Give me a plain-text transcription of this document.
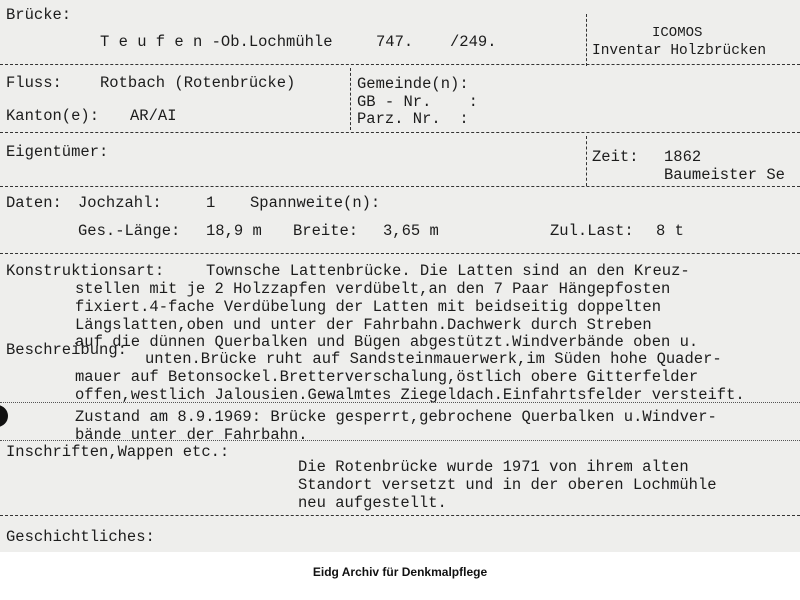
Brücke:
T e u f e n -Ob.Lochmühle	747. /249.	ICOMOS
Inventar Holzbrücken
Fluss: Rotbach (Rotenbrücke)
Kanton(e): AR/AI
Gemeinde(n):
GB - Nr.    :
Parz. Nr.  :
Eigentümer:	Zeit: 1862
Baumeister Se
Daten: Jochzahl:	1 Spannweite(n):
Ges.-Länge: 18,9 m Breite: 3,65 m	Zul.Last: 8 t
Konstruktionsart:	Townsche Lattenbrücke. Die Latten sind an den Kreuz-
stellen mit je 2 Holzzapfen verdübelt,an den 7 Paar Hängepfosten
fixiert.4-fache Verdübelung der Latten mit beidseitig doppelten
Längslatten,oben und unter der Fahrbahn.Dachwerk durch Streben
auf die dünnen Querbalken und Bügen abgestützt.Windverbände oben u.
Beschreibung: unten.Brücke ruht auf Sandsteinmauerwerk,im Süden hohe Quader-
mauer auf Betonsockel.Bretterverschalung,östlich obere Gitterfelder
offen,westlich Jalousien.Gewalmtes Ziegeldach.Einfahrtsfelder versteift.
Zustand am 8.9.1969: Brücke gesperrt,gebrochene Querbalken u.Windver-
bände unter der Fahrbahn.
Inschriften,Wappen etc.:
Die Rotenbrücke wurde 1971 von ihrem alten
Standort versetzt und in der oberen Lochmühle
neu aufgestellt.
Geschichtliches:
Eidg Archiv für Denkmalpflege
